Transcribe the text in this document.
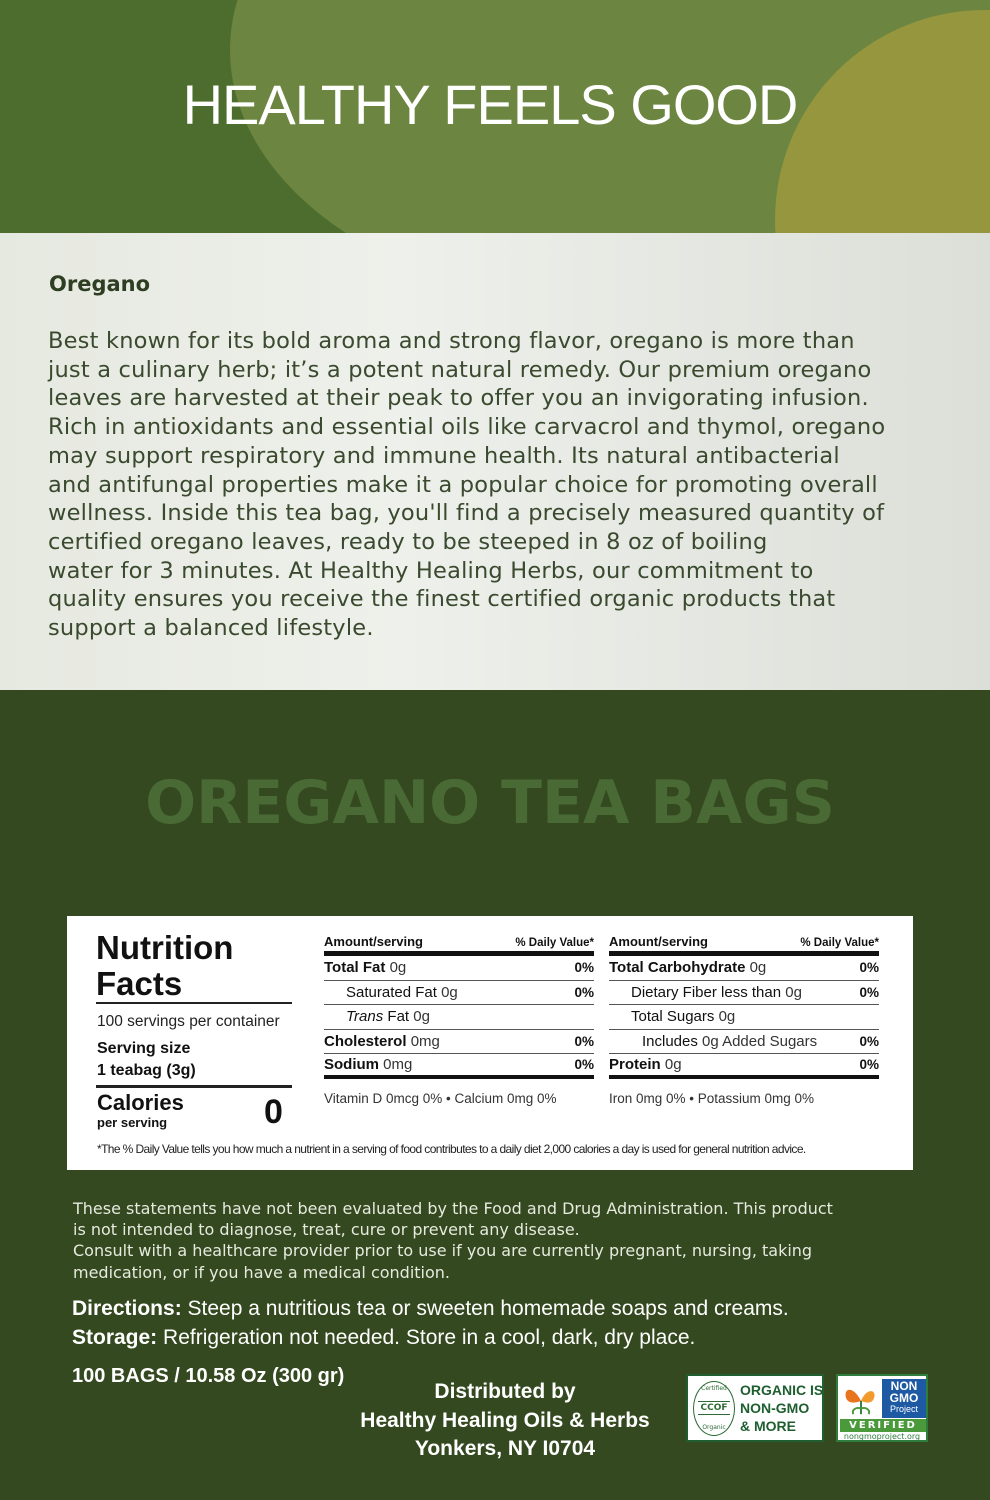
HEALTHY FEELS GOOD
Oregano
Best known for its bold aroma and strong flavor, oregano is more than
just a culinary herb; it’s a potent natural remedy. Our premium oregano
leaves are harvested at their peak to offer you an invigorating infusion.
Rich in antioxidants and essential oils like carvacrol and thymol, oregano
may support respiratory and immune health. Its natural antibacterial
and antifungal properties make it a popular choice for promoting overall
wellness. Inside this tea bag, you'll find a precisely measured quantity of
certified oregano leaves, ready to be steeped in 8 oz of boiling
water for 3 minutes. At Healthy Healing Herbs, our commitment to
quality ensures you receive the finest certified organic products that
support a balanced lifestyle.
OREGANO TEA BAGS
Nutrition
Facts
100 servings per container
Serving size
1 teabag (3g)
Calories
per serving	0
Amount/serving	% Daily Value*
Total Fat 0g	0%
Saturated Fat 0g	0%
Trans Fat 0g
Cholesterol 0mg	0%
Sodium 0mg	0%
Vitamin D 0mcg 0% • Calcium 0mg 0%
Amount/serving	% Daily Value*
Total Carbohydrate 0g	0%
Dietary Fiber less than 0g	0%
Total Sugars 0g
Includes 0g Added Sugars	0%
Protein 0g	0%
Iron 0mg 0% • Potassium 0mg 0%
*The % Daily Value tells you how much a nutrient in a serving of food contributes to a daily diet 2,000 calories a day is used for general nutrition advice.
These statements have not been evaluated by the Food and Drug Administration. This product
is not intended to diagnose, treat, cure or prevent any disease.
Consult with a healthcare provider prior to use if you are currently pregnant, nursing, taking
medication, or if you have a medical condition.
Directions: Steep a nutritious tea or sweeten homemade soaps and creams.
Storage: Refrigeration not needed. Store in a cool, dark, dry place.
100 BAGS / 10.58 Oz (300 gr)
Distributed by
Healthy Healing Oils & Herbs
Yonkers, NY I0704
Certified
CCOF
Organic
ORGANIC IS
NON-GMO
& MORE
NON
GMO
Project
VERIFIED
nongmoproject.org
